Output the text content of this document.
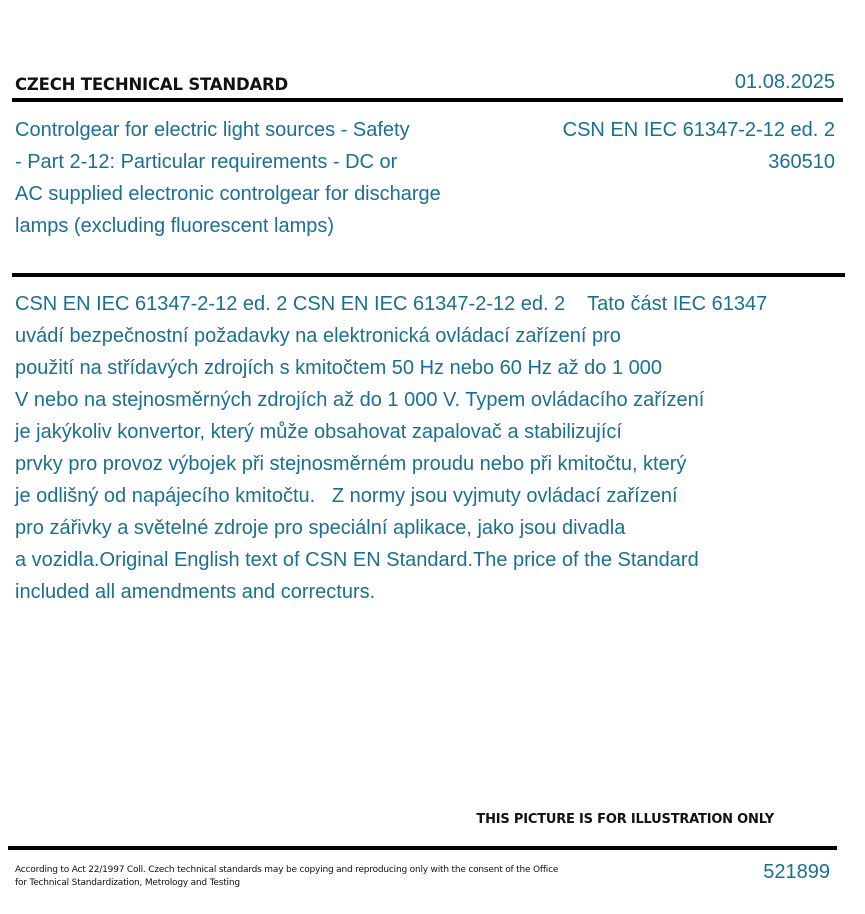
CZECH TECHNICAL STANDARD	01.08.2025
Controlgear for electric light sources - Safety
- Part 2-12: Particular requirements - DC or
AC supplied electronic controlgear for discharge
lamps (excluding fluorescent lamps)
CSN EN IEC 61347-2-12 ed. 2
360510
CSN EN IEC 61347-2-12 ed. 2 CSN EN IEC 61347-2-12 ed. 2    Tato část IEC 61347
uvádí bezpečnostní požadavky na elektronická ovládací zařízení pro
použití na střídavých zdrojích s kmitočtem 50 Hz nebo 60 Hz až do 1 000
V nebo na stejnosměrných zdrojích až do 1 000 V. Typem ovládacího zařízení
je jakýkoliv konvertor, který může obsahovat zapalovač a stabilizující
prvky pro provoz výbojek při stejnosměrném proudu nebo při kmitočtu, který
je odlišný od napájecího kmitočtu.   Z normy jsou vyjmuty ovládací zařízení
pro zářivky a světelné zdroje pro speciální aplikace, jako jsou divadla
a vozidla.Original English text of CSN EN Standard.The price of the Standard
included all amendments and correcturs.
THIS PICTURE IS FOR ILLUSTRATION ONLY
According to Act 22/1997 Coll. Czech technical standards may be copying and reproducing only with the consent of the Office
for Technical Standardization, Metrology and Testing	521899
